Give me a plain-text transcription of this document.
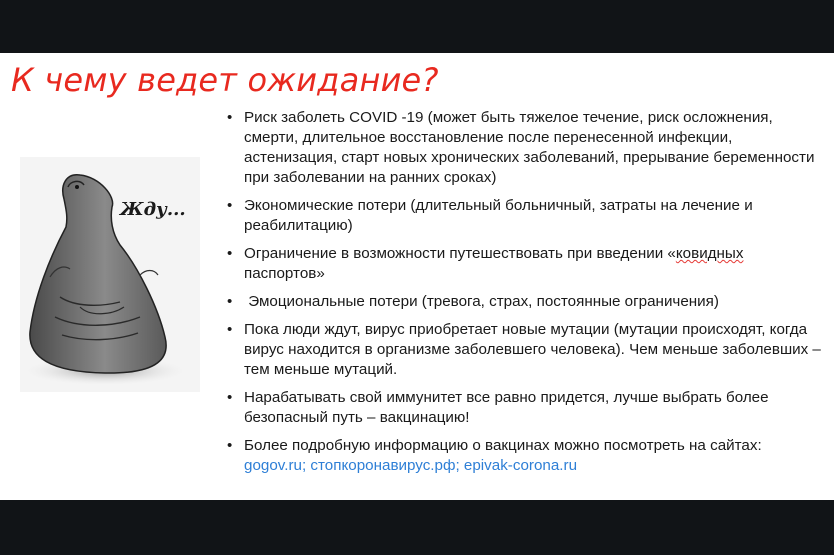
К чему ведет ожидание?
Жду...
• Риск заболеть COVID -19 (может быть тяжелое течение, риск осложнения, смерти, длительное восстановление после перенесенной инфекции, астенизация, старт новых хронических заболеваний, прерывание беременности при заболевании на ранних сроках)
• Экономические потери (длительный больничный, затраты на лечение и реабилитацию)
• Ограничение в возможности путешествовать при введении «ковидных паспортов»
• Эмоциональные потери (тревога, страх, постоянные ограничения)
• Пока люди ждут, вирус приобретает новые мутации (мутации происходят, когда вирус находится в организме заболевшего человека). Чем меньше заболевших – тем меньше мутаций.
• Нарабатывать свой иммунитет все равно придется, лучше выбрать более безопасный путь – вакцинацию!
• Более подробную информацию о вакцинах можно посмотреть на сайтах: gogov.ru; стопкоронавирус.рф; epivak-corona.ru
